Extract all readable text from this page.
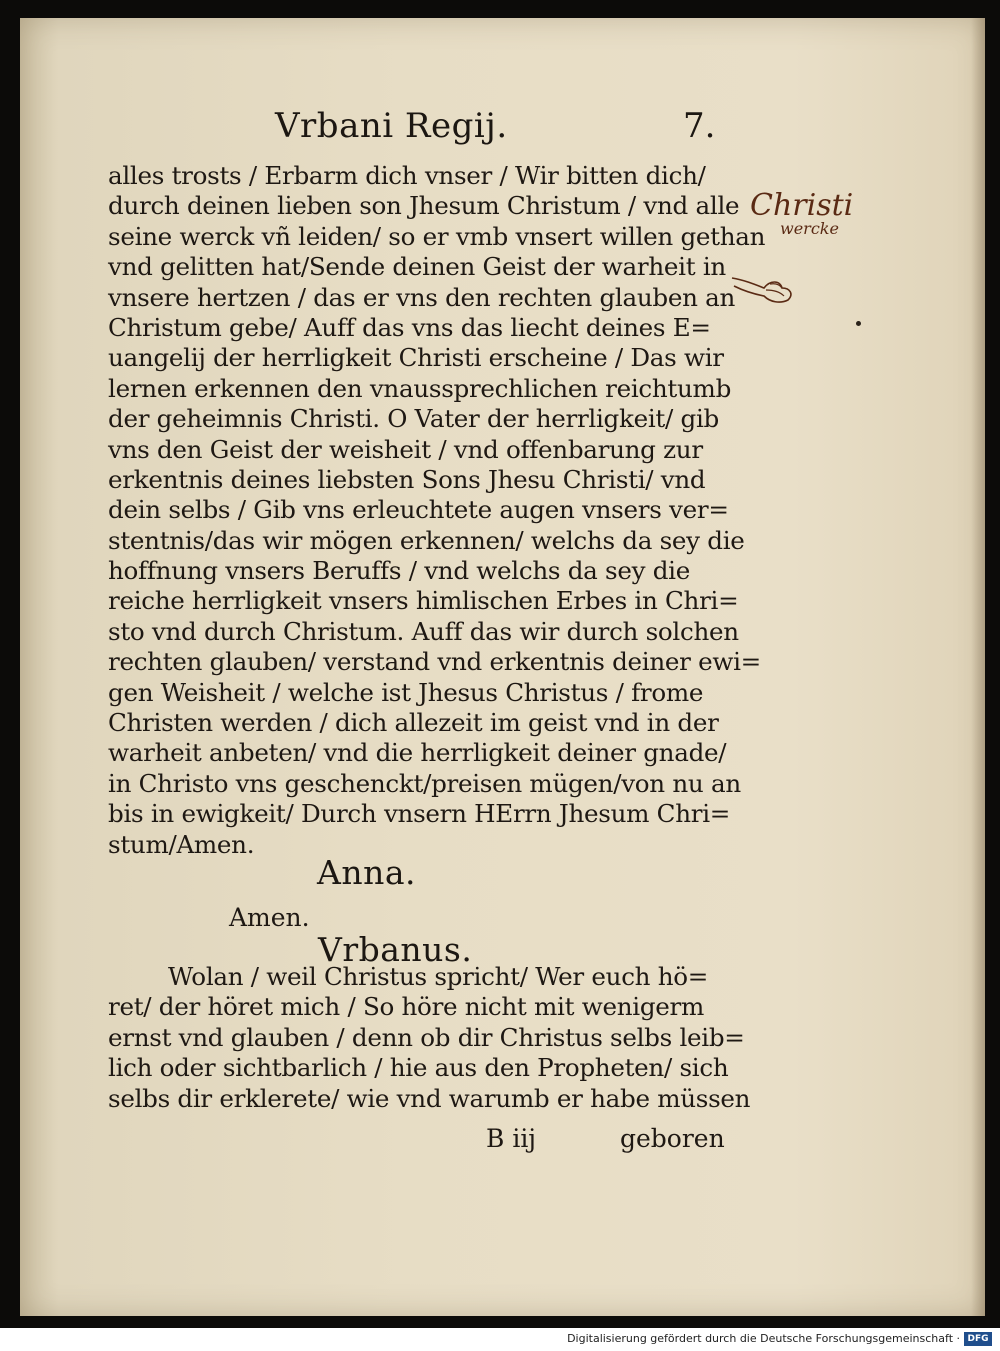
Vrbani Regij.	7.
alles trosts / Erbarm dich vnser / Wir bitten dich/
durch deinen lieben son Jhesum Christum / vnd alle
seine werck vñ leiden/ so er vmb vnsert willen gethan
vnd gelitten hat/Sende deinen Geist der warheit in
vnsere hertzen / das er vns den rechten glauben an
Christum gebe/ Auff das vns das liecht deines E=
uangelij der herrligkeit Christi erscheine / Das wir
lernen erkennen den vnaussprechlichen reichtumb
der geheimnis Christi. O Vater der herrligkeit/ gib
vns den Geist der weisheit / vnd offenbarung zur
erkentnis deines liebsten Sons Jhesu Christi/ vnd
dein selbs / Gib vns erleuchtete augen vnsers ver=
stentnis/das wir mögen erkennen/ welchs da sey die
hoffnung vnsers Beruffs / vnd welchs da sey die
reiche herrligkeit vnsers himlischen Erbes in Chri=
sto vnd durch Christum. Auff das wir durch solchen
rechten glauben/ verstand vnd erkentnis deiner ewi=
gen Weisheit / welche ist Jhesus Christus / frome
Christen werden / dich allezeit im geist vnd in der
warheit anbeten/ vnd die herrligkeit deiner gnade/
in Christo vns geschenckt/preisen mügen/von nu an
bis in ewigkeit/ Durch vnsern HErrn Jhesum Chri=
stum/Amen.
Anna.
Amen.
Vrbanus.
Wolan / weil Christus spricht/ Wer euch hö=
ret/ der höret mich / So höre nicht mit wenigerm
ernst vnd glauben / denn ob dir Christus selbs leib=
lich oder sichtbarlich / hie aus den Propheten/ sich
selbs dir erklerete/ wie vnd warumb er habe müssen
B iij	geboren
Christi
wercke
Digitalisierung gefördert durch die Deutsche Forschungsgemeinschaft · DFG
